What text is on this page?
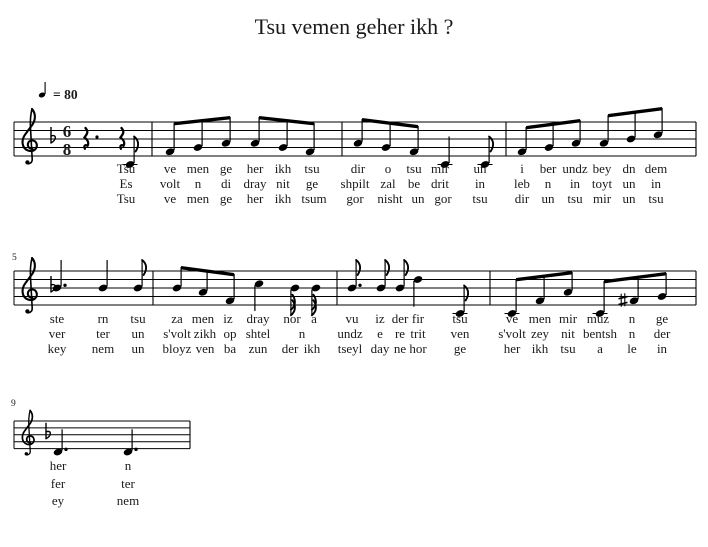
Tsu vemen geher ikh ?
= 80
6
8
Tsu ve men ge her ikh tsu dir o tsu mir un	i ber undz bey dn dem
Es volt n di dray nit ge shpilt zal be drit in leb n in toyt un in
Tsu ve men ge her ikh tsum gor nisht un gor tsu dir un tsu mir un tsu
5
ste	rn tsu za men iz dray nor a vu iz der fir tsu	ve men mir muz n ge
ver ter un s'volt zikh op shtel n undz e re trit ven s'volt zey nit bentsh n der
key nem un bloyz ven ba zun der ikh tseyl day ne hor ge	her ikh tsu a le in
9
her	n
fer	ter
ey	nem
